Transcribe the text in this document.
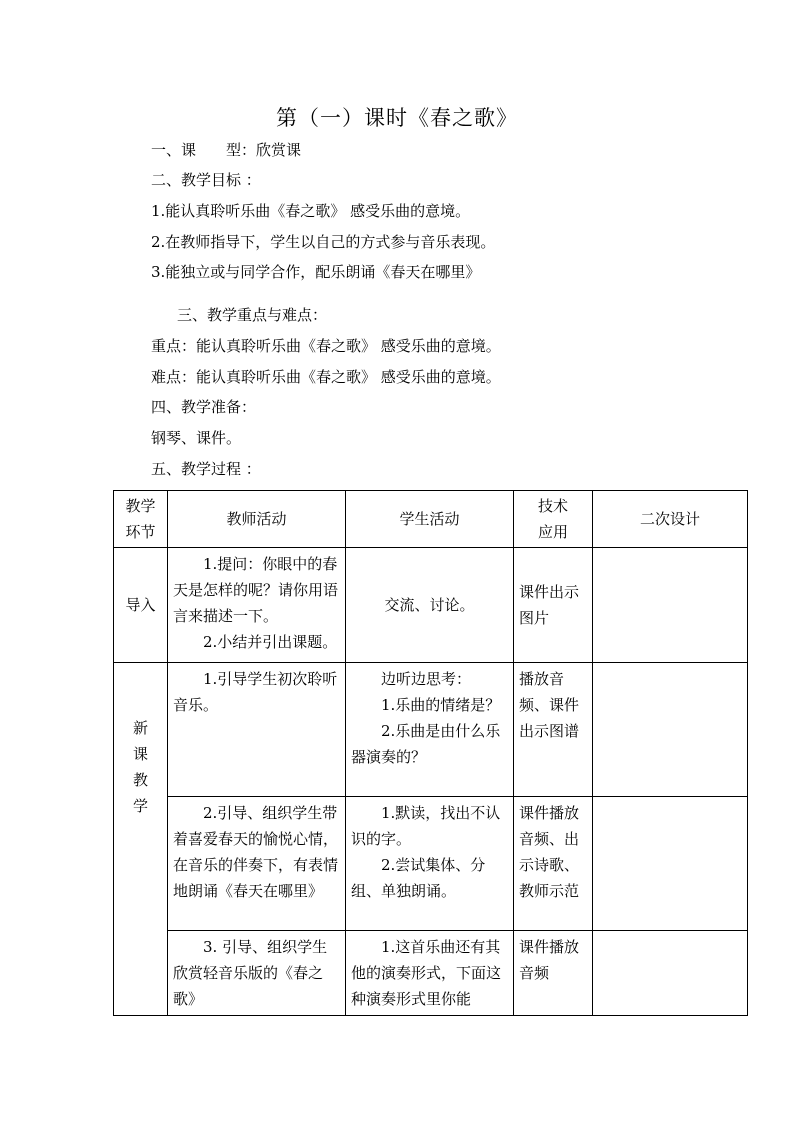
第（一）课时《春之歌》
一、课　　型：欣赏课
二、教学目标 ：
1.能认真聆听乐曲《春之歌》 感受乐曲的意境。
2.在教师指导下，学生以自己的方式参与音乐表现。
3.能独立或与同学合作，配乐朗诵《春天在哪里》
三、教学重点与难点：
重点：能认真聆听乐曲《春之歌》 感受乐曲的意境。
难点：能认真聆听乐曲《春之歌》 感受乐曲的意境。
四、教学准备：
钢琴、课件。
五、教学过程 ：
教学环节	教师活动	学生活动	技术应用	二次设计
导入	1.提问：你眼中的春天是怎样的呢？请你用语言来描述一下。
2.小结并引出课题。	交流、讨论。	课件出示图片	

新课教学	1.引导学生初次聆听音乐。	边听边思考：
1.乐曲的情绪是？
2.乐曲是由什么乐器演奏的？	播放音频、课件出示图谱	

	2.引导、组织学生带着喜爱春天的愉悦心情，在音乐的伴奏下，有表情地朗诵《春天在哪里》	1.默读，找出不认识的字。
2.尝试集体、分组、单独朗诵。	课件播放音频、出示诗歌、教师示范	

	3. 引导、组织学生欣赏轻音乐版的《春之歌》	1.这首乐曲还有其他的演奏形式，下面这种演奏形式里你能	课件播放音频	
